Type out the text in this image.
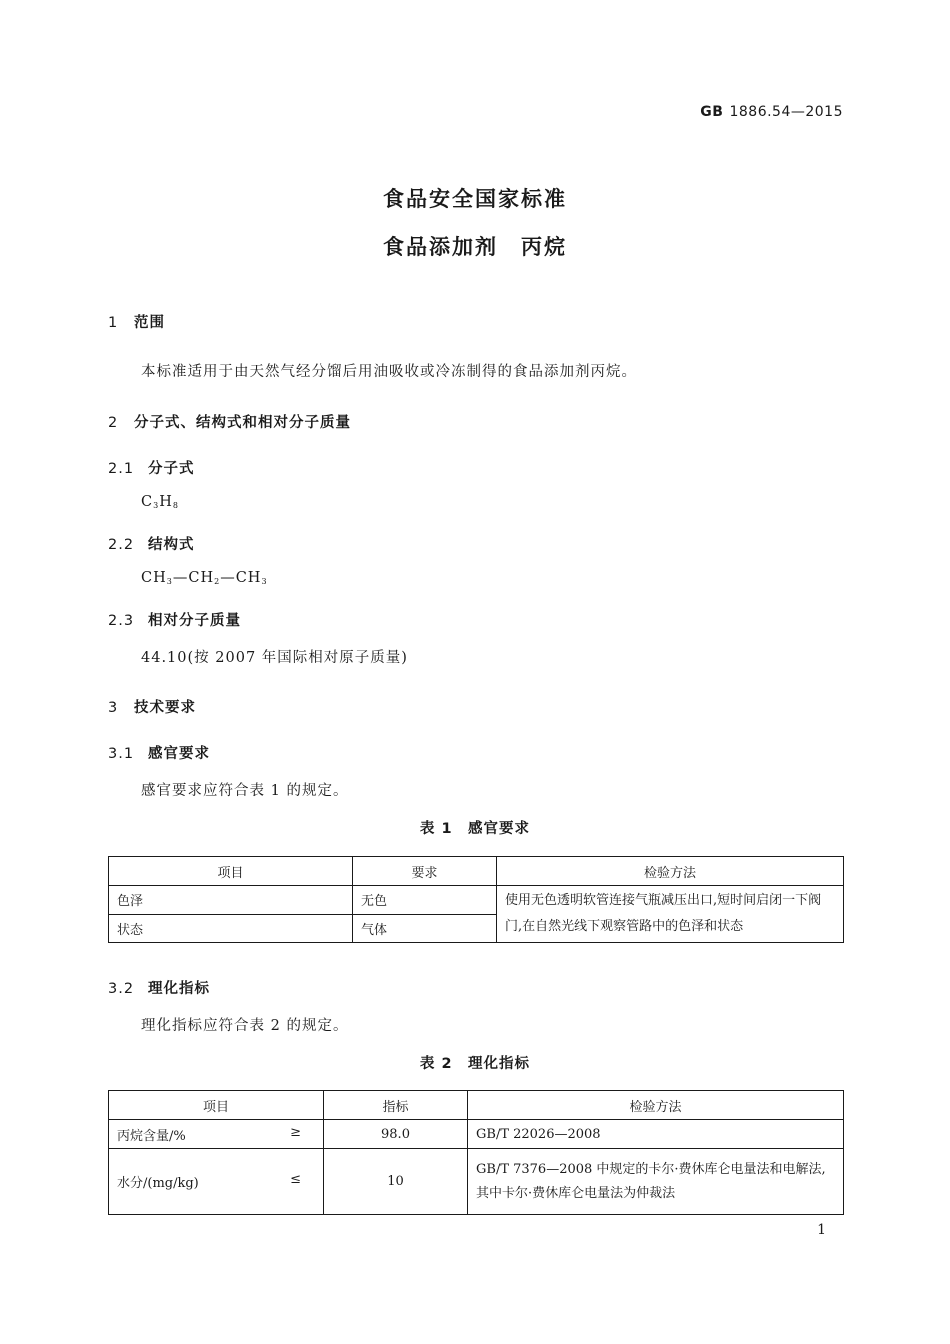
GB 1886.54—2015
食品安全国家标准
食品添加剂　丙烷
1 范围
本标准适用于由天然气经分馏后用油吸收或冷冻制得的食品添加剂丙烷。
2 分子式、结构式和相对分子质量
2.1 分子式
$C_3H_8$
2.2 结构式
$CH_3—CH_2—CH_3$
2.3 相对分子质量
44.10(按 2007 年国际相对原子质量)
3 技术要求
3.1 感官要求
感官要求应符合表 1 的规定。
表 1　感官要求
项目	要求	检验方法
色泽	无色	使用无色透明软管连接气瓶减压出口,短时间启闭一下阀门,在自然光线下观察管路中的色泽和状态
状态	气体	
3.2 理化指标
理化指标应符合表 2 的规定。
表 2　理化指标
项目	指标	检验方法
丙烷含量/% ≥	98.0	GB/T 22026—2008
水分/(mg/kg) ≤	10	GB/T 7376—2008 中规定的卡尔·费休库仑电量法和电解法,其中卡尔·费休库仑电量法为仲裁法
1
